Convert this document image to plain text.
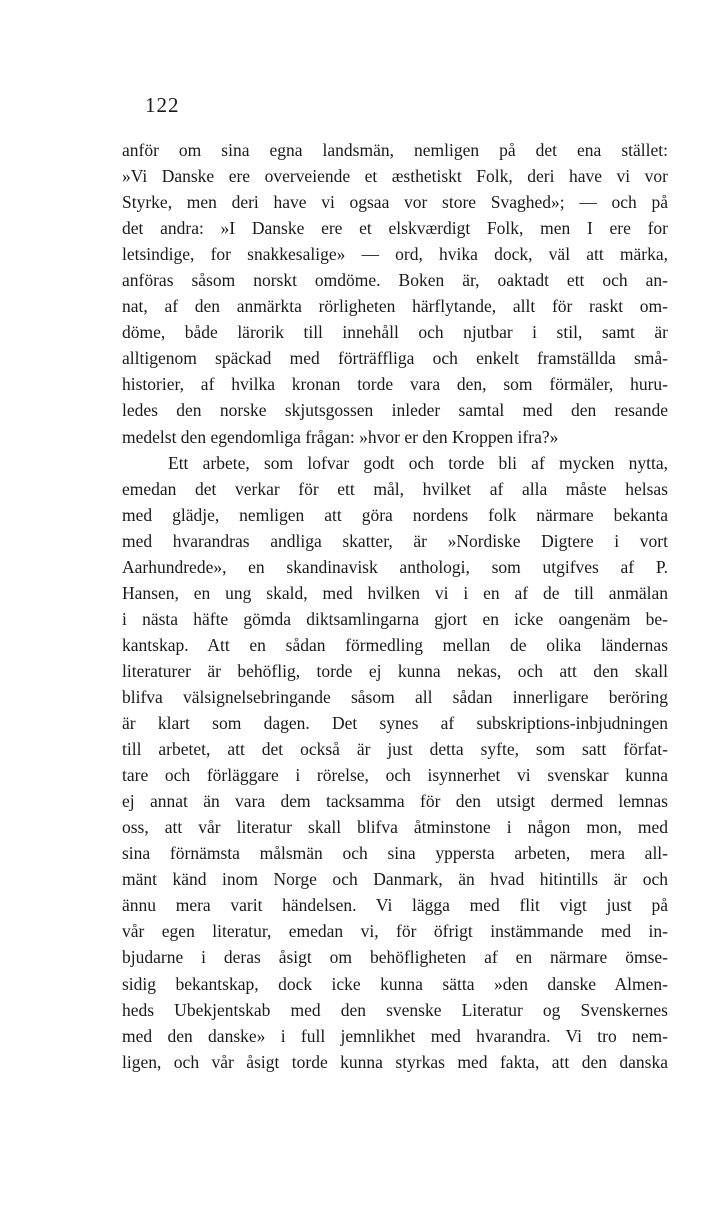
122
anför om sina egna landsmän, nemligen på det ena stället:
»Vi Danske ere overveiende et æsthetiskt Folk, deri have vi vor
Styrke, men deri have vi ogsaa vor store Svaghed»; — och på
det andra: »I Danske ere et elskværdigt Folk, men I ere for
letsindige, for snakkesalige» — ord, hvika dock, väl att märka,
anföras såsom norskt omdöme. Boken är, oaktadt ett och an-
nat, af den anmärkta rörligheten härflytande, allt för raskt om-
döme, både lärorik till innehåll och njutbar i stil, samt är
alltigenom späckad med förträffliga och enkelt framställda små-
historier, af hvilka kronan torde vara den, som förmäler, huru-
ledes den norske skjutsgossen inleder samtal med den resande
medelst den egendomliga frågan: »hvor er den Kroppen ifra?»
Ett arbete, som lofvar godt och torde bli af mycken nytta,
emedan det verkar för ett mål, hvilket af alla måste helsas
med glädje, nemligen att göra nordens folk närmare bekanta
med hvarandras andliga skatter, är »Nordiske Digtere i vort
Aarhundrede», en skandinavisk anthologi, som utgifves af P.
Hansen, en ung skald, med hvilken vi i en af de till anmälan
i nästa häfte gömda diktsamlingarna gjort en icke oangenäm be-
kantskap. Att en sådan förmedling mellan de olika ländernas
literaturer är behöflig, torde ej kunna nekas, och att den skall
blifva välsignelsebringande såsom all sådan innerligare beröring
är klart som dagen. Det synes af subskriptions-inbjudningen
till arbetet, att det också är just detta syfte, som satt förfat-
tare och förläggare i rörelse, och isynnerhet vi svenskar kunna
ej annat än vara dem tacksamma för den utsigt dermed lemnas
oss, att vår literatur skall blifva åtminstone i någon mon, med
sina förnämsta målsmän och sina yppersta arbeten, mera all-
mänt känd inom Norge och Danmark, än hvad hitintills är och
ännu mera varit händelsen. Vi lägga med flit vigt just på
vår egen literatur, emedan vi, för öfrigt instämmande med in-
bjudarne i deras åsigt om behöfligheten af en närmare ömse-
sidig bekantskap, dock icke kunna sätta »den danske Almen-
heds Ubekjentskab med den svenske Literatur og Svenskernes
med den danske» i full jemnlikhet med hvarandra. Vi tro nem-
ligen, och vår åsigt torde kunna styrkas med fakta, att den danska
